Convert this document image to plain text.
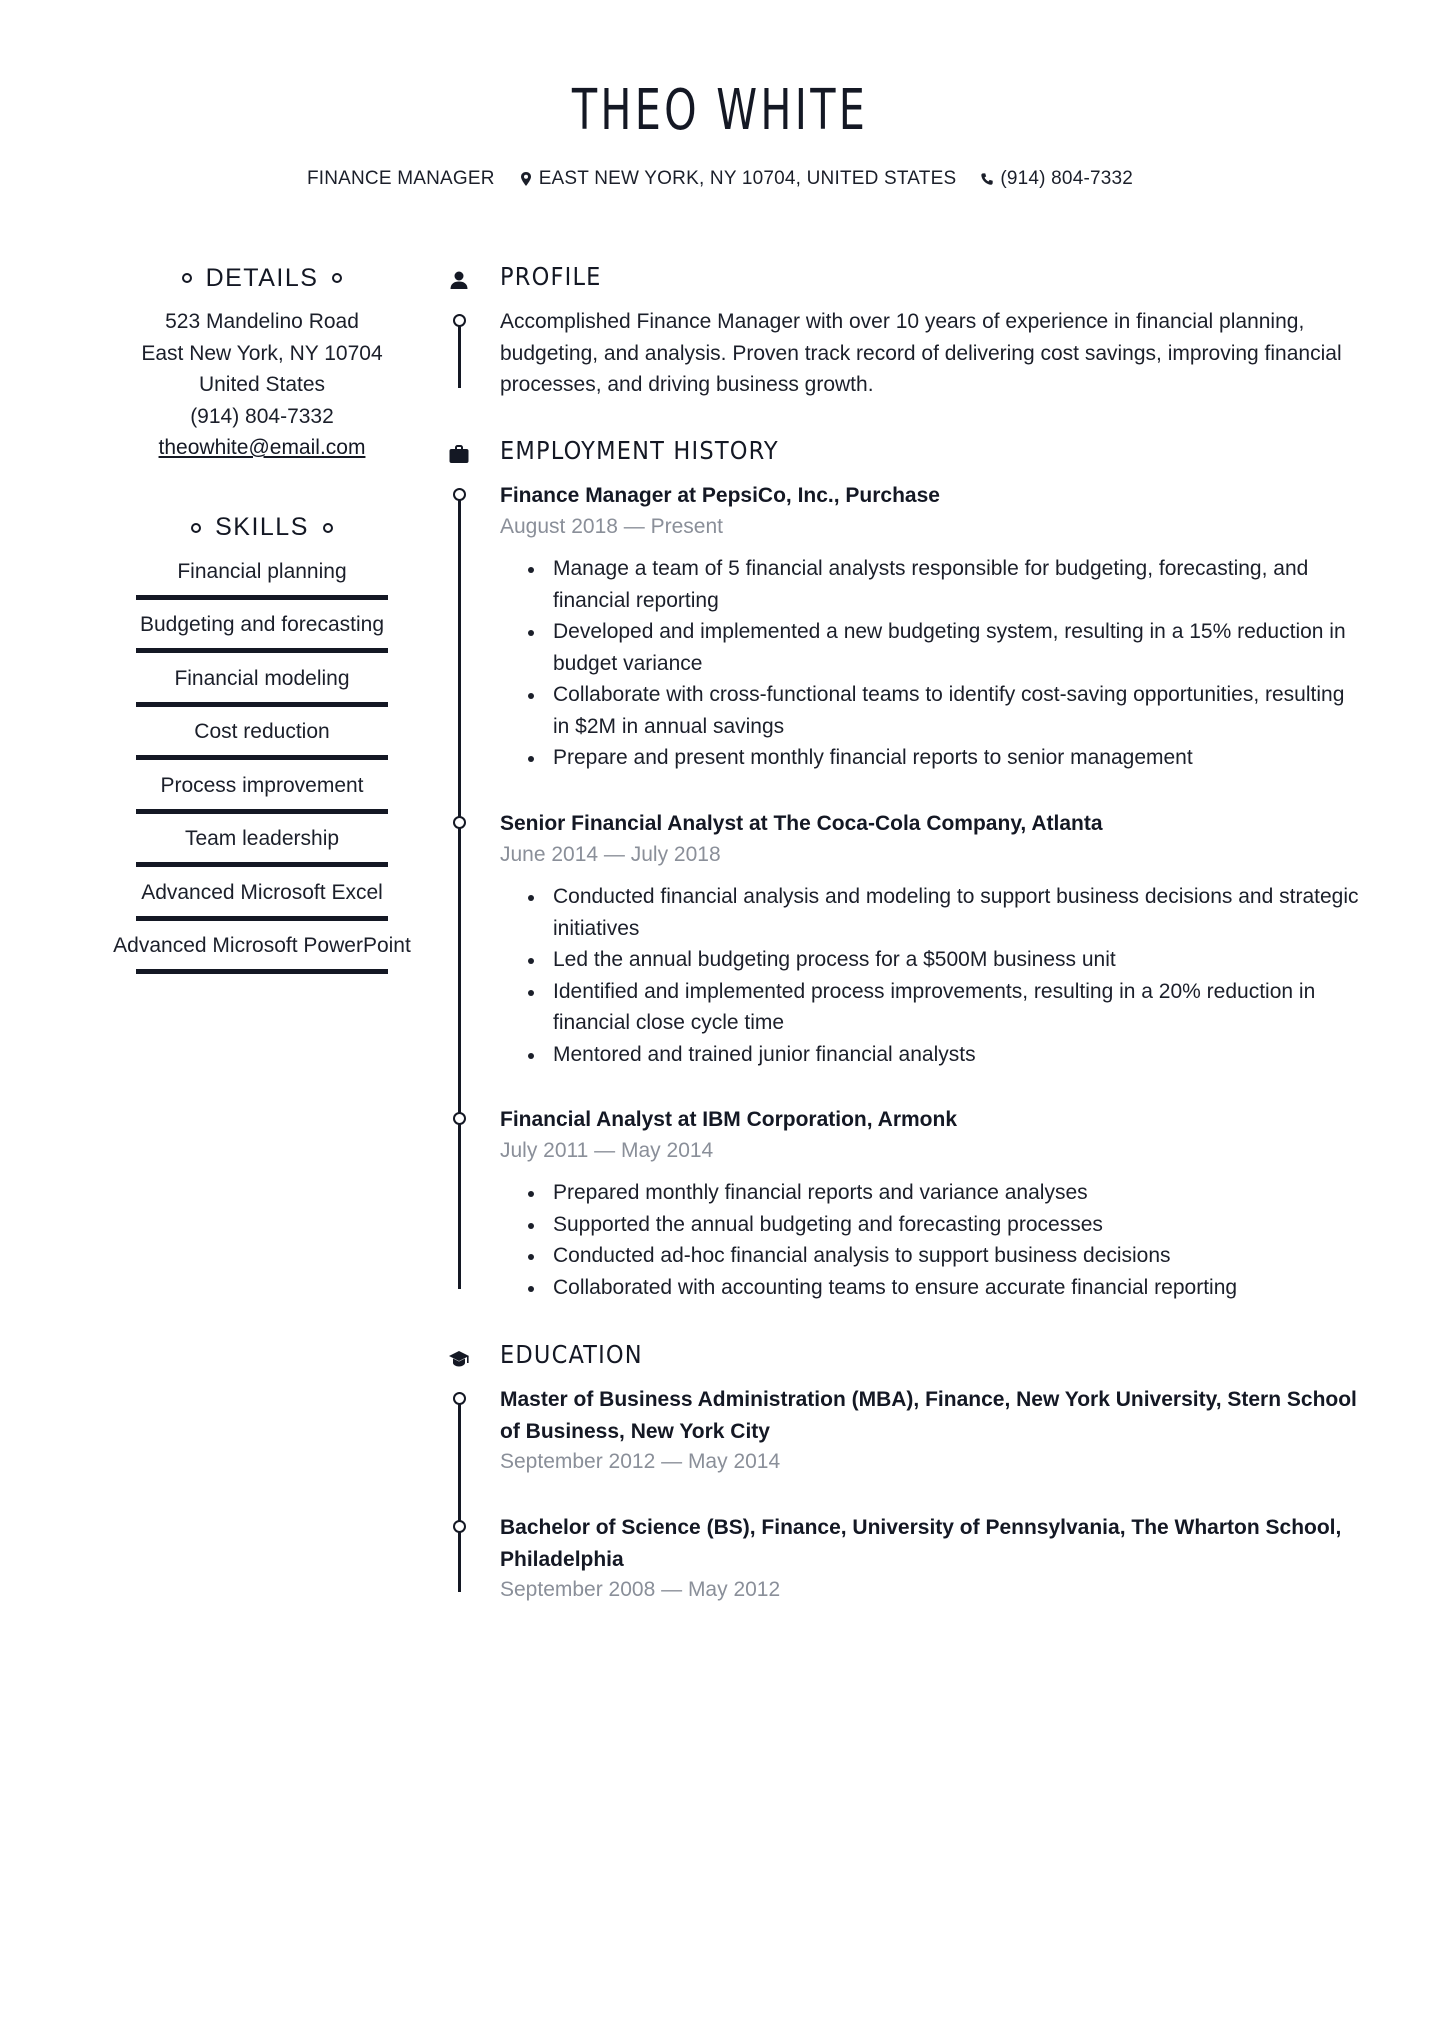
THEO WHITE
FINANCE MANAGER EAST NEW YORK, NY 10704, UNITED STATES (914) 804-7332
DETAILS
523 Mandelino Road
East New York, NY 10704
United States
(914) 804-7332
theowhite@email.com
SKILLS
Financial planning
Budgeting and forecasting
Financial modeling
Cost reduction
Process improvement
Team leadership
Advanced Microsoft Excel
Advanced Microsoft PowerPoint
PROFILE
Accomplished Finance Manager with over 10 years of experience in financial planning, budgeting, and analysis. Proven track record of delivering cost savings, improving financial processes, and driving business growth.
EMPLOYMENT HISTORY
Finance Manager at PepsiCo, Inc., Purchase
August 2018 — Present
Manage a team of 5 financial analysts responsible for budgeting, forecasting, and financial reporting
Developed and implemented a new budgeting system, resulting in a 15% reduction in budget variance
Collaborate with cross-functional teams to identify cost-saving opportunities, resulting in $2M in annual savings
Prepare and present monthly financial reports to senior management
Senior Financial Analyst at The Coca-Cola Company, Atlanta
June 2014 — July 2018
Conducted financial analysis and modeling to support business decisions and strategic initiatives
Led the annual budgeting process for a $500M business unit
Identified and implemented process improvements, resulting in a 20% reduction in financial close cycle time
Mentored and trained junior financial analysts
Financial Analyst at IBM Corporation, Armonk
July 2011 — May 2014
Prepared monthly financial reports and variance analyses
Supported the annual budgeting and forecasting processes
Conducted ad-hoc financial analysis to support business decisions
Collaborated with accounting teams to ensure accurate financial reporting
EDUCATION
Master of Business Administration (MBA), Finance, New York University, Stern School of Business, New York City
September 2012 — May 2014
Bachelor of Science (BS), Finance, University of Pennsylvania, The Wharton School, Philadelphia
September 2008 — May 2012
